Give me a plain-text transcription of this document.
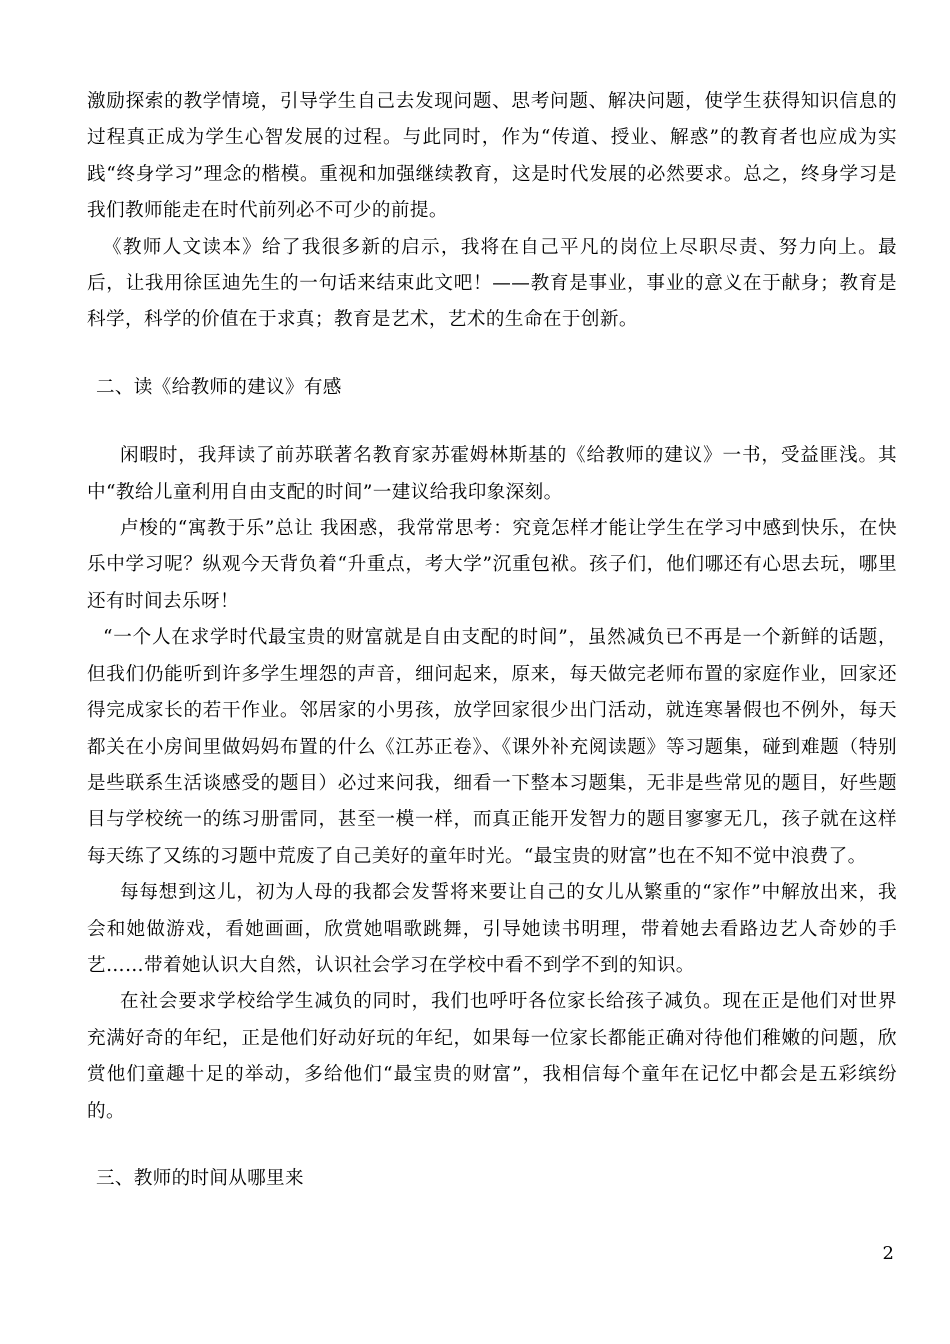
激励探索的教学情境，引导学生自己去发现问题、思考问题、解决问题，使学生获得知识信息的过程真正成为学生心智发展的过程。与此同时，作为“传道、授业、解惑”的教育者也应成为实践“终身学习”理念的楷模。重视和加强继续教育，这是时代发展的必然要求。总之，终身学习是我们教师能走在时代前列必不可少的前提。

《教师人文读本》给了我很多新的启示，我将在自己平凡的岗位上尽职尽责、努力向上。最后，让我用徐匡迪先生的一句话来结束此文吧！——教育是事业，事业的意义在于献身；教育是科学，科学的价值在于求真；教育是艺术，艺术的生命在于创新。

二、读《给教师的建议》有感

闲暇时，我拜读了前苏联著名教育家苏霍姆林斯基的《给教师的建议》一书，受益匪浅。其中“教给儿童利用自由支配的时间”一建议给我印象深刻。

卢梭的“寓教于乐”总让 我困惑，我常常思考：究竟怎样才能让学生在学习中感到快乐，在快乐中学习呢？纵观今天背负着“升重点，考大学”沉重包袱。孩子们，他们哪还有心思去玩，哪里还有时间去乐呀！

“一个人在求学时代最宝贵的财富就是自由支配的时间”，虽然减负已不再是一个新鲜的话题，但我们仍能听到许多学生埋怨的声音，细问起来，原来，每天做完老师布置的家庭作业，回家还得完成家长的若干作业。邻居家的小男孩，放学回家很少出门活动，就连寒暑假也不例外，每天都关在小房间里做妈妈布置的什么《江苏正卷》、《课外补充阅读题》等习题集，碰到难题（特别是些联系生活谈感受的题目）必过来问我，细看一下整本习题集，无非是些常见的题目，好些题目与学校统一的练习册雷同，甚至一模一样，而真正能开发智力的题目寥寥无几，孩子就在这样每天练了又练的习题中荒废了自己美好的童年时光。“最宝贵的财富”也在不知不觉中浪费了。

每每想到这儿，初为人母的我都会发誓将来要让自己的女儿从繁重的“家作”中解放出来，我会和她做游戏，看她画画，欣赏她唱歌跳舞，引导她读书明理，带着她去看路边艺人奇妙的手艺……带着她认识大自然，认识社会学习在学校中看不到学不到的知识。

在社会要求学校给学生减负的同时，我们也呼吁各位家长给孩子减负。现在正是他们对世界充满好奇的年纪，正是他们好动好玩的年纪，如果每一位家长都能正确对待他们稚嫩的问题，欣赏他们童趣十足的举动，多给他们“最宝贵的财富”，我相信每个童年在记忆中都会是五彩缤纷的。

三、教师的时间从哪里来

2
